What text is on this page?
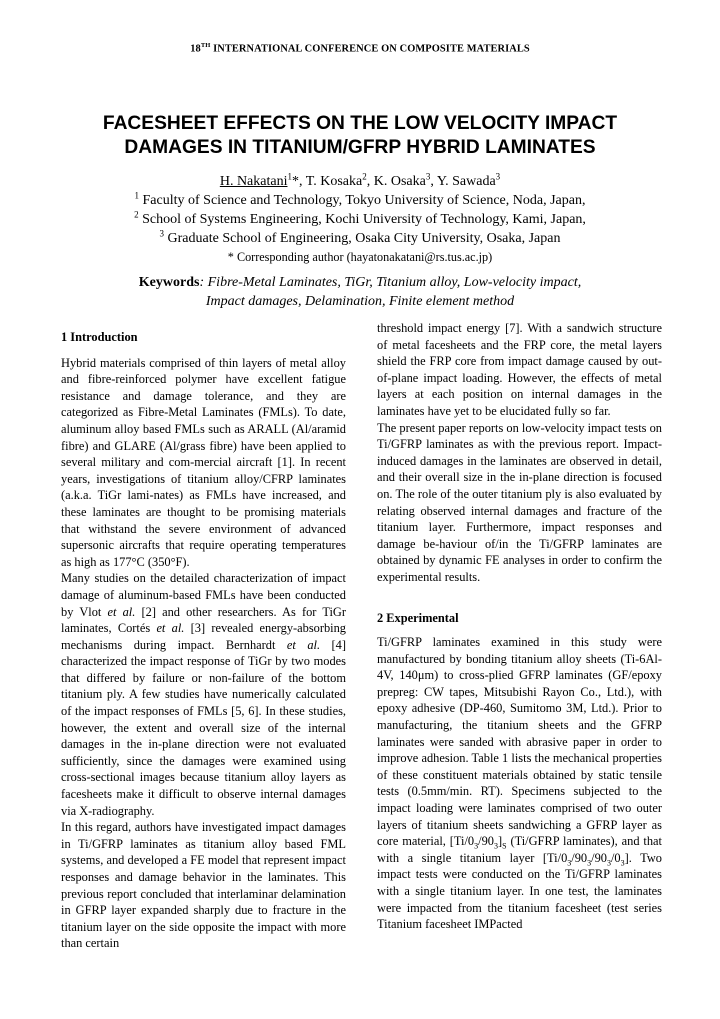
18TH INTERNATIONAL CONFERENCE ON COMPOSITE MATERIALS
FACESHEET EFFECTS ON THE LOW VELOCITY IMPACT
DAMAGES IN TITANIUM/GFRP HYBRID LAMINATES
H. Nakatani$^1$*, T. Kosaka$^2$, K. Osaka$^3$, Y. Sawada$^3$
$^1$ Faculty of Science and Technology, Tokyo University of Science, Noda, Japan,
$^2$ School of Systems Engineering, Kochi University of Technology, Kami, Japan,
$^3$ Graduate School of Engineering, Osaka City University, Osaka, Japan
* Corresponding author (hayatonakatani@rs.tus.ac.jp)
Keywords: Fibre-Metal Laminates, TiGr, Titanium alloy, Low-velocity impact,
Impact damages, Delamination, Finite element method
1 Introduction

Hybrid materials comprised of thin layers of metal alloy and fibre-reinforced polymer have excellent fatigue resistance and damage tolerance, and they are categorized as Fibre-Metal Laminates (FMLs). To date, aluminum alloy based FMLs such as ARALL (Al/aramid fibre) and GLARE (Al/grass fibre) have been applied to several military and com-mercial aircraft [1]. In recent years, investigations of titanium alloy/CFRP laminates (a.k.a. TiGr lami-nates) as FMLs have increased, and these laminates are thought to be promising materials that withstand the severe environment of advanced supersonic aircrafts that require operating temperatures as high as 177°C (350°F).

Many studies on the detailed characterization of impact damage of aluminum-based FMLs have been conducted by Vlot et al. [2] and other researchers. As for TiGr laminates, Cortés et al. [3] revealed energy-absorbing mechanisms during impact. Bernhardt et al. [4] characterized the impact response of TiGr by two modes that differed by failure or non-failure of the bottom titanium ply. A few studies have numerically calculated of the impact responses of FMLs [5, 6]. In these studies, however, the extent and overall size of the internal damages in the in-plane direction were not evaluated sufficiently, since the damages were examined using cross-sectional images because titanium alloy layers as facesheets make it difficult to observe internal damages via X-radiography.

In this regard, authors have investigated impact damages in Ti/GFRP laminates as titanium alloy based FML systems, and developed a FE model that represent impact responses and damage behavior in the laminates. This previous report concluded that interlaminar delamination in GFRP layer expanded sharply due to fracture in the titanium layer on the side opposite the impact with more than certain

threshold impact energy [7]. With a sandwich structure of metal facesheets and the FRP core, the metal layers shield the FRP core from impact damage caused by out-of-plane impact loading. However, the effects of metal layers at each position on internal damages in the laminates have yet to be elucidated fully so far.

The present paper reports on low-velocity impact tests on Ti/GFRP laminates as with the previous report. Impact-induced damages in the laminates are observed in detail, and their overall size in the in-plane direction is focused on. The role of the outer titanium ply is also evaluated by relating observed internal damages and fracture of the titanium layer. Furthermore, impact responses and damage be-haviour of/in the Ti/GFRP laminates are obtained by dynamic FE analyses in order to confirm the experimental results.

2 Experimental

Ti/GFRP laminates examined in this study were manufactured by bonding titanium alloy sheets (Ti-6Al-4V, 140μm) to cross-plied GFRP laminates (GF/epoxy prepreg: CW tapes, Mitsubishi Rayon Co., Ltd.), with epoxy adhesive (DP-460, Sumitomo 3M, Ltd.). Prior to manufacturing, the titanium sheets and the GFRP laminates were sanded with abrasive paper in order to improve adhesion. Table 1 lists the mechanical properties of these constituent materials obtained by static tensile tests (0.5mm/min. RT). Specimens subjected to the impact loading were laminates comprised of two outer layers of titanium sheets sandwiching a GFRP layer as core material, $[Ti/0_3/90_3]_S$ (Ti/GFRP laminates), and that with a single titanium layer $[Ti/0_3/90_3/90_3/0_3]$. Two impact tests were conducted on the Ti/GFRP laminates with a single titanium layer. In one test, the laminates were impacted from the titanium facesheet (test series Titanium facesheet IMPacted
